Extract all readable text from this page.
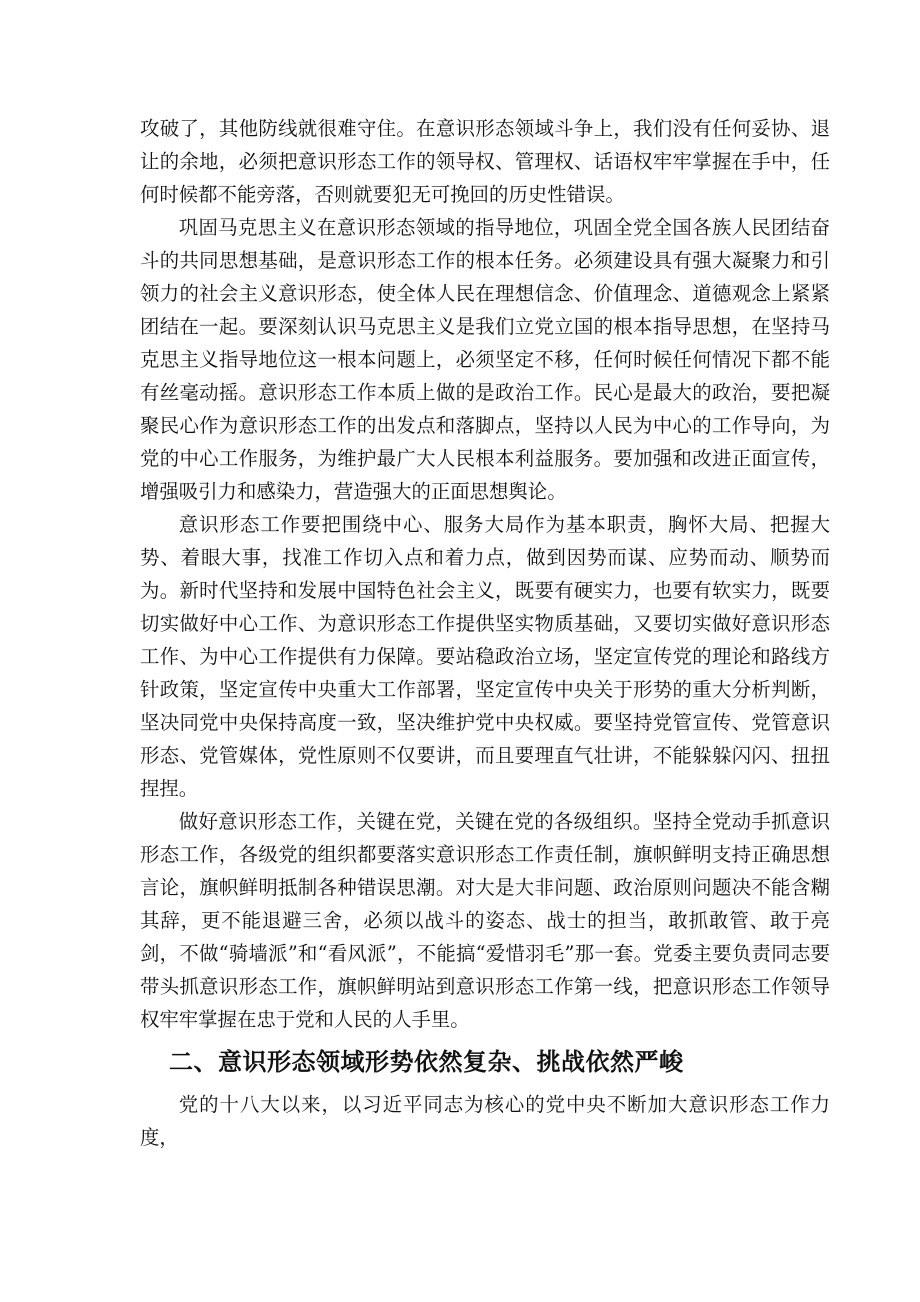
攻破了，其他防线就很难守住。在意识形态领域斗争上，我们没有任何妥协、退让的余地，必须把意识形态工作的领导权、管理权、话语权牢牢掌握在手中，任何时候都不能旁落，否则就要犯无可挽回的历史性错误。

巩固马克思主义在意识形态领域的指导地位，巩固全党全国各族人民团结奋斗的共同思想基础，是意识形态工作的根本任务。必须建设具有强大凝聚力和引领力的社会主义意识形态，使全体人民在理想信念、价值理念、道德观念上紧紧团结在一起。要深刻认识马克思主义是我们立党立国的根本指导思想，在坚持马克思主义指导地位这一根本问题上，必须坚定不移，任何时候任何情况下都不能有丝毫动摇。意识形态工作本质上做的是政治工作。民心是最大的政治，要把凝聚民心作为意识形态工作的出发点和落脚点，坚持以人民为中心的工作导向，为党的中心工作服务，为维护最广大人民根本利益服务。要加强和改进正面宣传，增强吸引力和感染力，营造强大的正面思想舆论。

意识形态工作要把围绕中心、服务大局作为基本职责，胸怀大局、把握大势、着眼大事，找准工作切入点和着力点，做到因势而谋、应势而动、顺势而为。新时代坚持和发展中国特色社会主义，既要有硬实力，也要有软实力，既要切实做好中心工作、为意识形态工作提供坚实物质基础，又要切实做好意识形态工作、为中心工作提供有力保障。要站稳政治立场，坚定宣传党的理论和路线方针政策，坚定宣传中央重大工作部署，坚定宣传中央关于形势的重大分析判断，坚决同党中央保持高度一致，坚决维护党中央权威。要坚持党管宣传、党管意识形态、党管媒体，党性原则不仅要讲，而且要理直气壮讲，不能躲躲闪闪、扭扭捏捏。

做好意识形态工作，关键在党，关键在党的各级组织。坚持全党动手抓意识形态工作，各级党的组织都要落实意识形态工作责任制，旗帜鲜明支持正确思想言论，旗帜鲜明抵制各种错误思潮。对大是大非问题、政治原则问题决不能含糊其辞，更不能退避三舍，必须以战斗的姿态、战士的担当，敢抓敢管、敢于亮剑，不做“骑墙派”和“看风派”，不能搞“爱惜羽毛”那一套。党委主要负责同志要带头抓意识形态工作，旗帜鲜明站到意识形态工作第一线，把意识形态工作领导权牢牢掌握在忠于党和人民的人手里。

二、意识形态领域形势依然复杂、挑战依然严峻

党的十八大以来，以习近平同志为核心的党中央不断加大意识形态工作力度，
